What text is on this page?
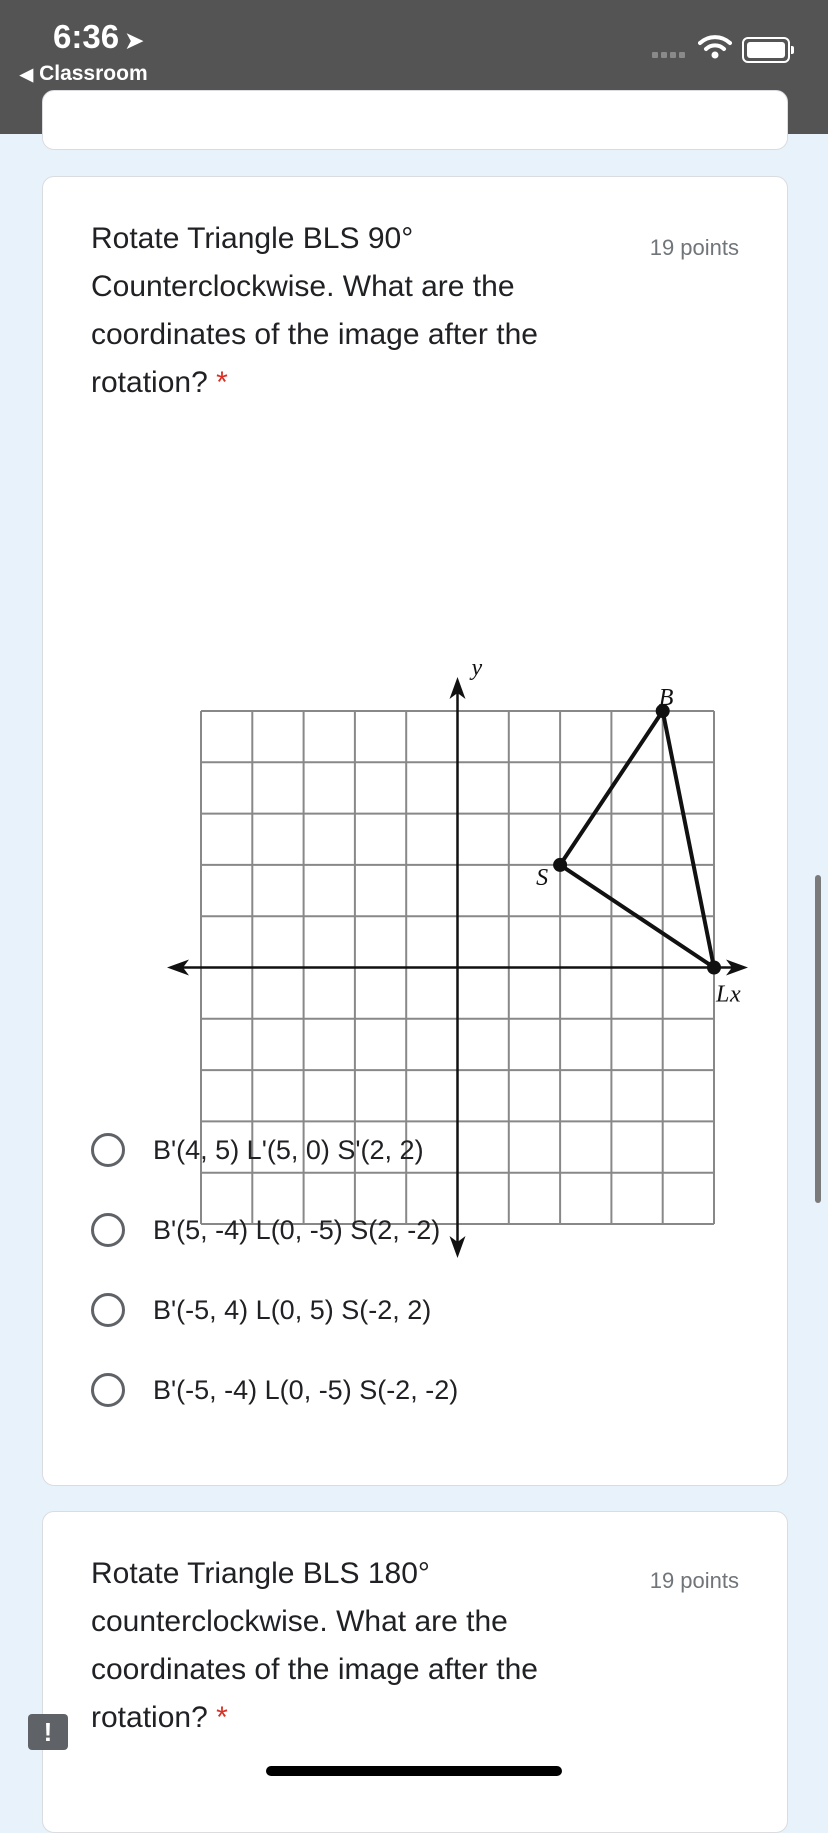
6:36 ➤
◀ Classroom
Rotate Triangle BLS 90° Counterclockwise. What are the coordinates of the image after the rotation? *
19 points
y
x
B
S
L
B'(4, 5) L'(5, 0) S'(2, 2)
B'(5, -4) L(0, -5) S(2, -2)
B'(-5, 4) L(0, 5) S(-2, 2)
B'(-5, -4) L(0, -5) S(-2, -2)
Rotate Triangle BLS 180° counterclockwise. What are the coordinates of the image after the rotation? *
19 points
!
